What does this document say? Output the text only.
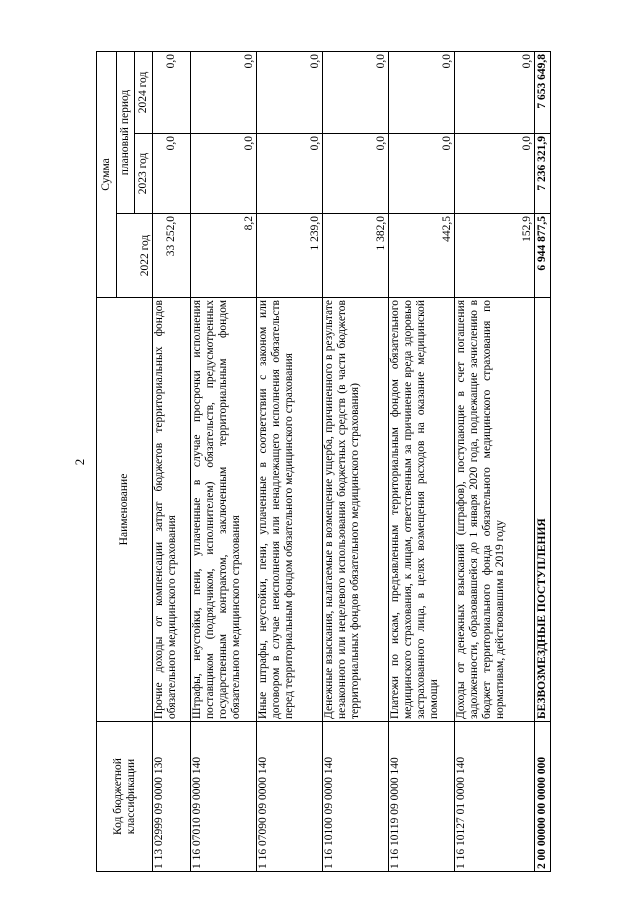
2
Код бюджетной классификации	Наименование	Сумма		
		2022 год	плановый период	
			2023 год	2024 год
1 13 02999 09 0000 130	Прочие доходы от компенсации затрат бюджетов территориальных фондов обязательного медицинского страхования	33 252,0	0,0	0,0
1 16 07010 09 0000 140	Штрафы, неустойки, пени, уплаченные в случае просрочки исполнения поставщиком (подрядчиком, исполнителем) обязательств, предусмотренных государственным контрактом, заключенным территориальным фондом обязательного медицинского страхования	8,2	0,0	0,0
1 16 07090 09 0000 140	Иные штрафы, неустойки, пени, уплаченные в соответствии с законом или договором в случае неисполнения или ненадлежащего исполнения обязательств перед территориальным фондом обязательного медицинского страхования	1 239,0	0,0	0,0
1 16 10100 09 0000 140	Денежные взыскания, налагаемые в возмещение ущерба, причиненного в результате незаконного или нецелевого использования бюджетных средств (в части бюджетов территориальных фондов обязательного медицинского страхования)	1 382,0	0,0	0,0
1 16 10119 09 0000 140	Платежи по искам, предъявленным территориальным фондом обязательного медицинского страхования, к лицам, ответственным за причинение вреда здоровью застрахованного лица, в целях возмещения расходов на оказание медицинской помощи	442,5	0,0	0,0
1 16 10127 01 0000 140	Доходы от денежных взысканий (штрафов), поступающие в счет погашения задолженности, образовавшейся до 1 января 2020 года, подлежащие зачислению в бюджет территориального фонда обязательного медицинского страхования по нормативам, действовавшим в 2019 году	152,9	0,0	0,0
2 00 00000 00 0000 000	БЕЗВОЗМЕЗДНЫЕ ПОСТУПЛЕНИЯ	6 944 877,5	7 236 321,9	7 653 649,8
